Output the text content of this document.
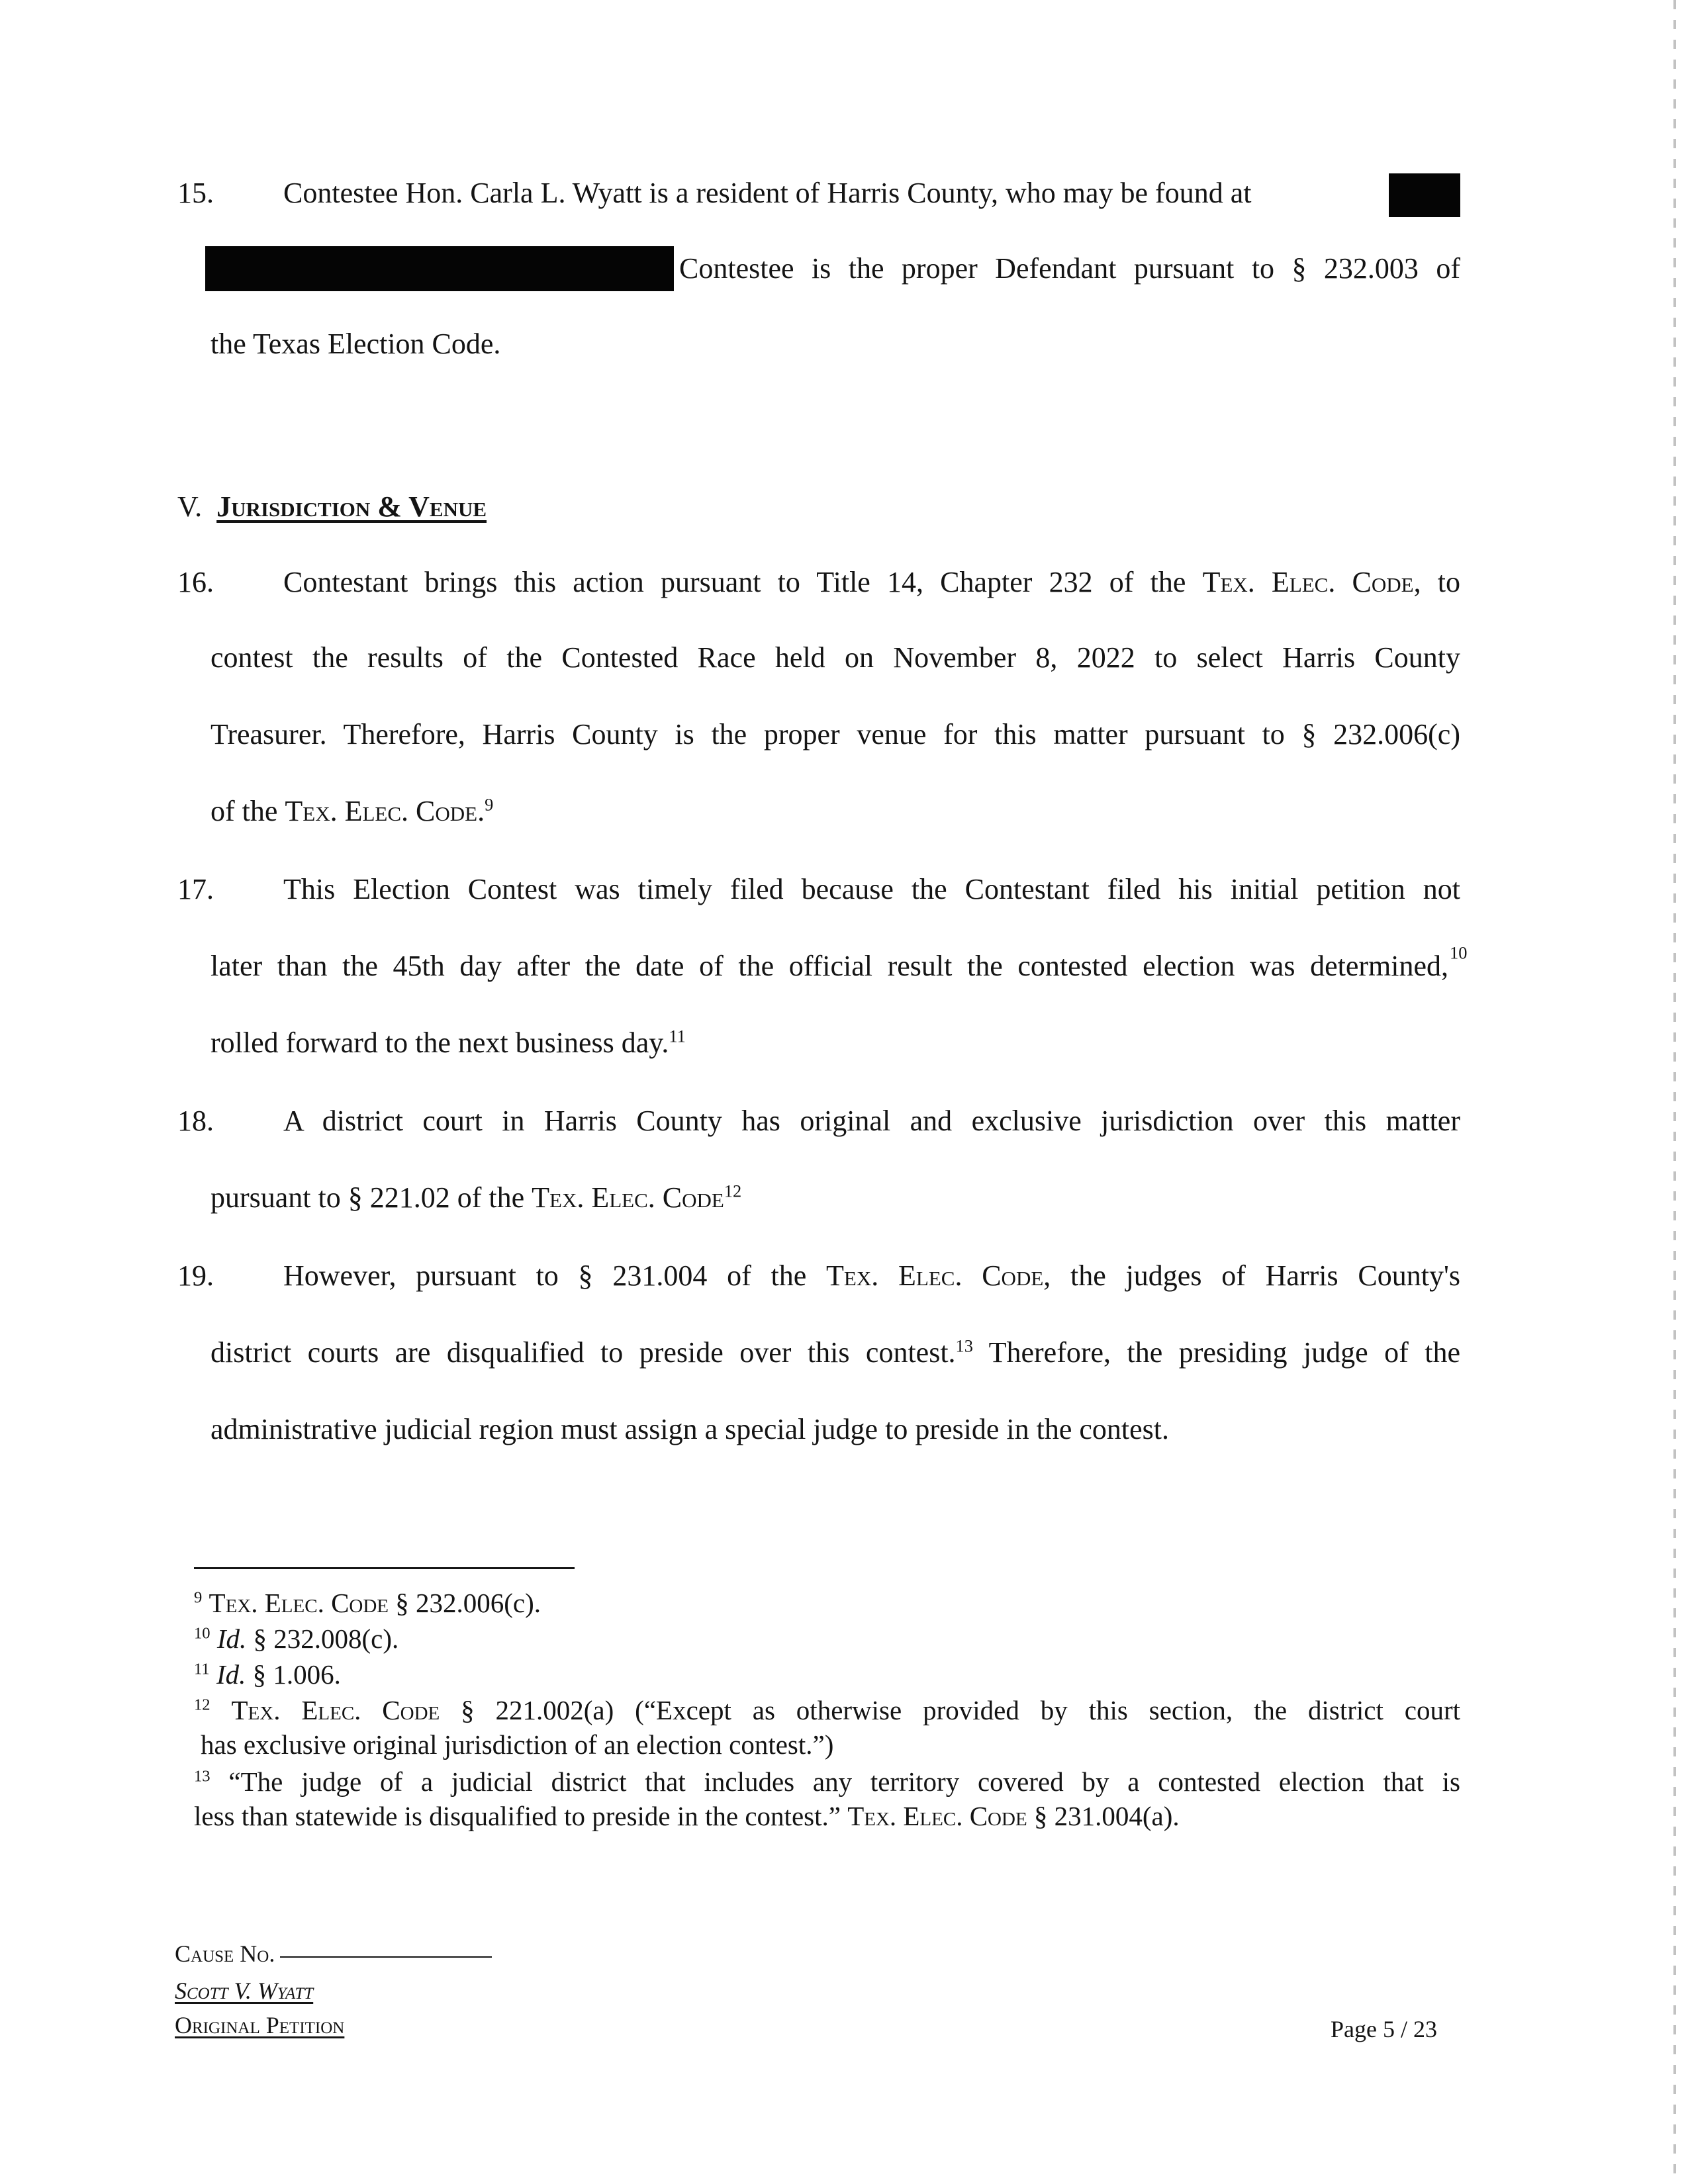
15. Contestee Hon. Carla L. Wyatt is a resident of Harris County, who may be found at
Contestee is the proper Defendant pursuant to § 232.003 of
the Texas Election Code.
V. Jurisdiction & Venue
16. Contestant brings this action pursuant to Title 14, Chapter 232 of the Tex. Elec. Code, to
contest the results of the Contested Race held on November 8, 2022 to select Harris County
Treasurer. Therefore, Harris County is the proper venue for this matter pursuant to § 232.006(c)
of the Tex. Elec. Code.$^9$
17. This Election Contest was timely filed because the Contestant filed his initial petition not
later than the 45th day after the date of the official result the contested election was determined, $^{10}$
rolled forward to the next business day.$^{11}$
18. A district court in Harris County has original and exclusive jurisdiction over this matter
pursuant to § 221.02 of the Tex. Elec. Code$^{12}$
19. However, pursuant to § 231.004 of the Tex. Elec. Code, the judges of Harris County's
district courts are disqualified to preside over this contest.$^{13}$ Therefore, the presiding judge of the
administrative judicial region must assign a special judge to preside in the contest.
$^9$ Tex. Elec. Code § 232.006(c).
$^{10}$ Id. § 232.008(c).
$^{11}$ Id. § 1.006.
$^{12}$ Tex. Elec. Code § 221.002(a) (“Except as otherwise provided by this section, the district court
has exclusive original jurisdiction of an election contest.”)
$^{13}$ “The judge of a judicial district that includes any territory covered by a contested election that is
less than statewide is disqualified to preside in the contest.” Tex. Elec. Code § 231.004(a).
Cause No.
Scott V. Wyatt
Original Petition	Page 5 / 23
